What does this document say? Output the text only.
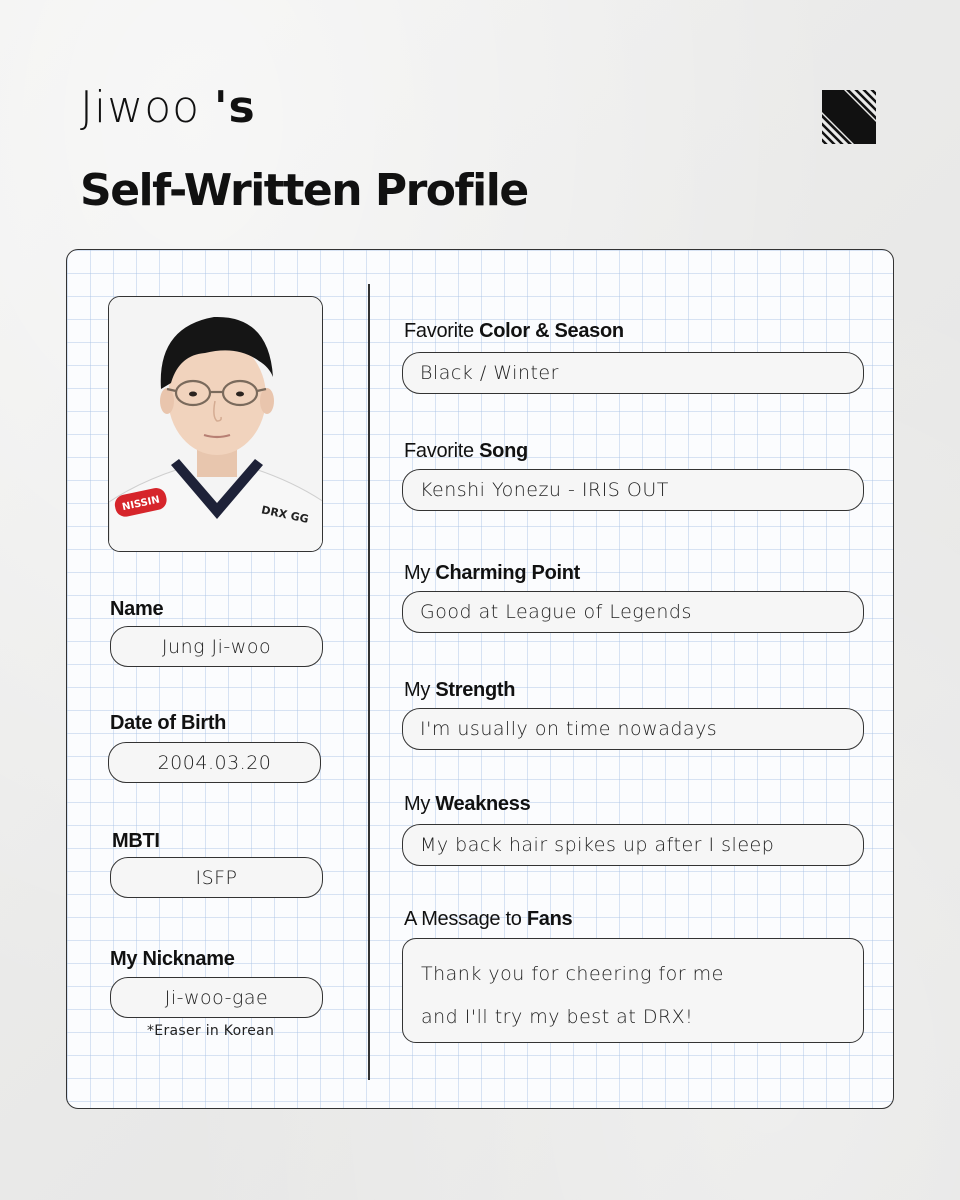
Jiwoo 's
Self-Written Profile
NISSIN	DRX GG
Name
Jung Ji-woo
Date of Birth
2004.03.20
MBTI
ISFP
My Nickname
Ji-woo-gae
*Eraser in Korean
Favorite Color & Season
Black / Winter
Favorite Song
Kenshi Yonezu - IRIS OUT
My Charming Point
Good at League of Legends
My Strength
I'm usually on time nowadays
My Weakness
My back hair spikes up after I sleep
A Message to Fans
Thank you for cheering for me
and I'll try my best at DRX!
